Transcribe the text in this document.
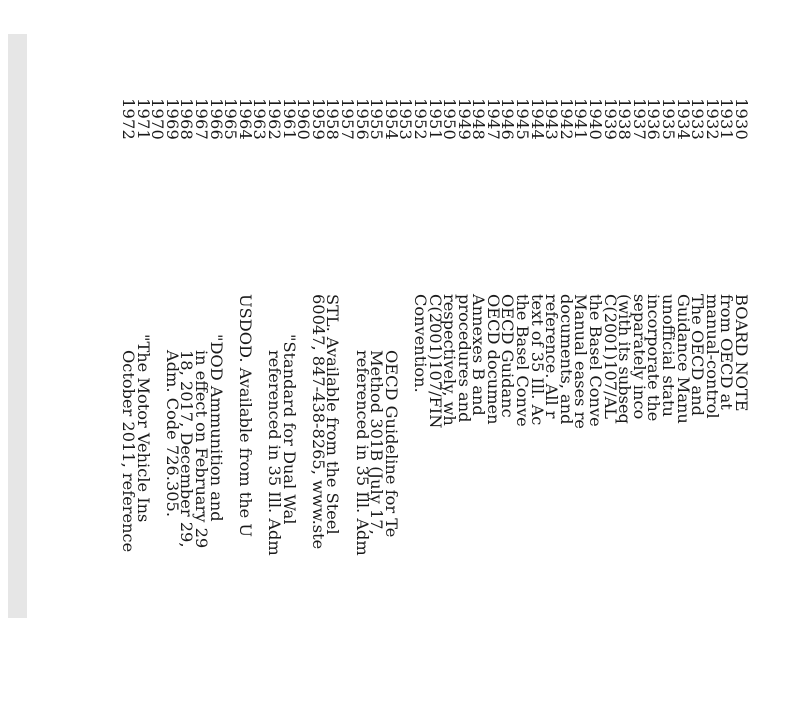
1930
BOARD NOTE
1931
from OECD at
1932
manual-control
1933
The OECD and
1934
Guidance Manu
1935
unofficial statu
1936
incorporate the
1937
separately inco
1938
(with its subseq
1939
C(2001)107/AL
1940
the Basel Conve
1941
Manual eases re
1942
documents, and
1943
reference. All r
1944
text of 35 Ill. Ac
1945
the Basel Conve
1946
OECD Guidanc
1947
OECD documen
1948
Annexes B and
1949
procedures and
1950
respectively, wh
1951
C(2001)107/FIN
1952
Convention.
1953
1954
OECD Guideline for Te
1955
Method 301B (July 17,
1956
referenced in 35 Ill. Adm
1957
1958
STL. Available from the Steel
1959
60047, 847-438-8265, www.ste
1960
1961
"Standard for Dual Wal
1962
referenced in 35 Ill. Adm
1963
1964
USDOD. Available from the U
1965
1966
"DOD Ammunition and
1967
in effect on February 29
1968
18, 2017, December 29,
1969
Adm. Code 726.305.
1970
1971
"The Motor Vehicle Ins
1972
October 2011, reference
